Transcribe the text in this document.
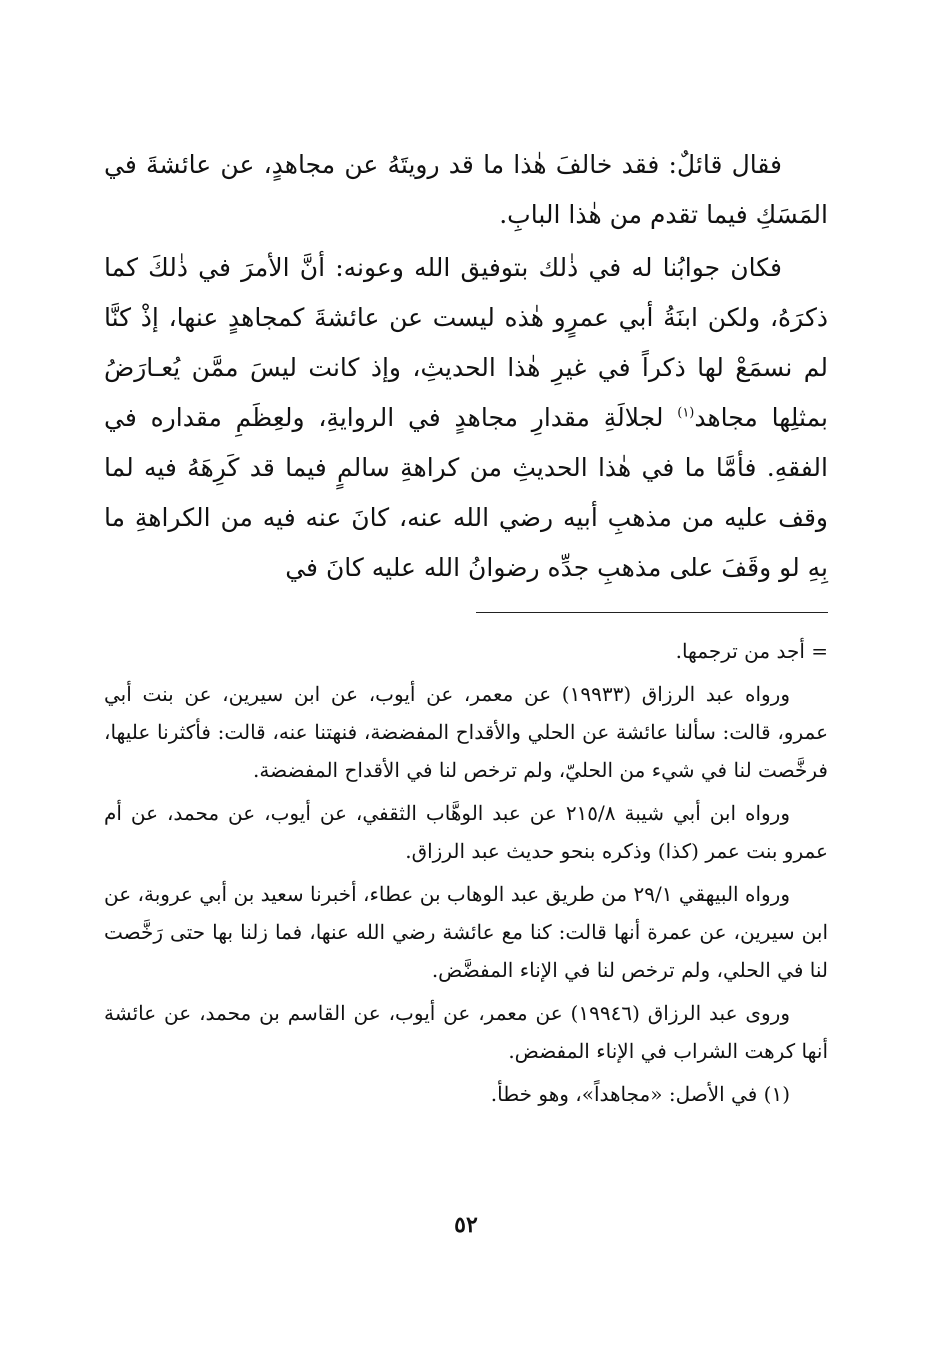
فقال قائلٌ: فقد خالفَ هٰذا ما قد رويتَهُ عن مجاهدٍ، عن عائشةَ في المَسَكِ فيما تقدم من هٰذا البابِ.

فكان جوابُنا له في ذٰلك بتوفيق الله وعونه: أنَّ الأمرَ في ذٰلكَ كما ذكرَهُ، ولكن ابنَةُ أبي عمرٍو هٰذه ليست عن عائشةَ كمجاهدٍ عنها، إذْ كنَّا لم نسمَعْ لها ذكراً في غيرِ هٰذا الحديثِ، وإذ كانت ليسَ ممَّن يُعـارَضُ بمثلِها مجاهد$^{(١)}$ لجلالَةِ مقدارِ مجاهدٍ في الروايةِ، ولعِظَمِ مقداره في الفقهِ. فأمَّا ما في هٰذا الحديثِ من كراهةِ سالمٍ فيما قد كَرِهَهُ فيه لما وقف عليه من مذهبِ أبيه رضي الله عنه، كانَ عنه فيه من الكراهةِ ما بِهِ لو وقَفَ على مذهبِ جدِّه رضوانُ الله عليه كانَ في

= أجد من ترجمها.

ورواه عبد الرزاق (١٩٩٣٣) عن معمر، عن أيوب، عن ابن سيرين، عن بنت أبي عمرو، قالت: سألنا عائشة عن الحلي والأقداح المفضضة، فنهتنا عنه، قالت: فأكثرنا عليها، فرخَّصت لنا في شيء من الحليّ، ولم ترخص لنا في الأقداح المفضضة.

ورواه ابن أبي شيبة ٢١٥/٨ عن عبد الوهَّاب الثقفي، عن أيوب، عن محمد، عن أم عمرو بنت عمر (كذا) وذكره بنحو حديث عبد الرزاق.

ورواه البيهقي ٢٩/١ من طريق عبد الوهاب بن عطاء، أخبرنا سعيد بن أبي عروبة، عن ابن سيرين، عن عمرة أنها قالت: كنا مع عائشة رضي الله عنها، فما زلنا بها حتى رَخَّصت لنا في الحلي، ولم ترخص لنا في الإناء المفضَّض.

وروى عبد الرزاق (١٩٩٤٦) عن معمر، عن أيوب، عن القاسم بن محمد، عن عائشة أنها كرهت الشراب في الإناء المفضض.

(١) في الأصل: «مجاهداً»، وهو خطأ.

٥٢
